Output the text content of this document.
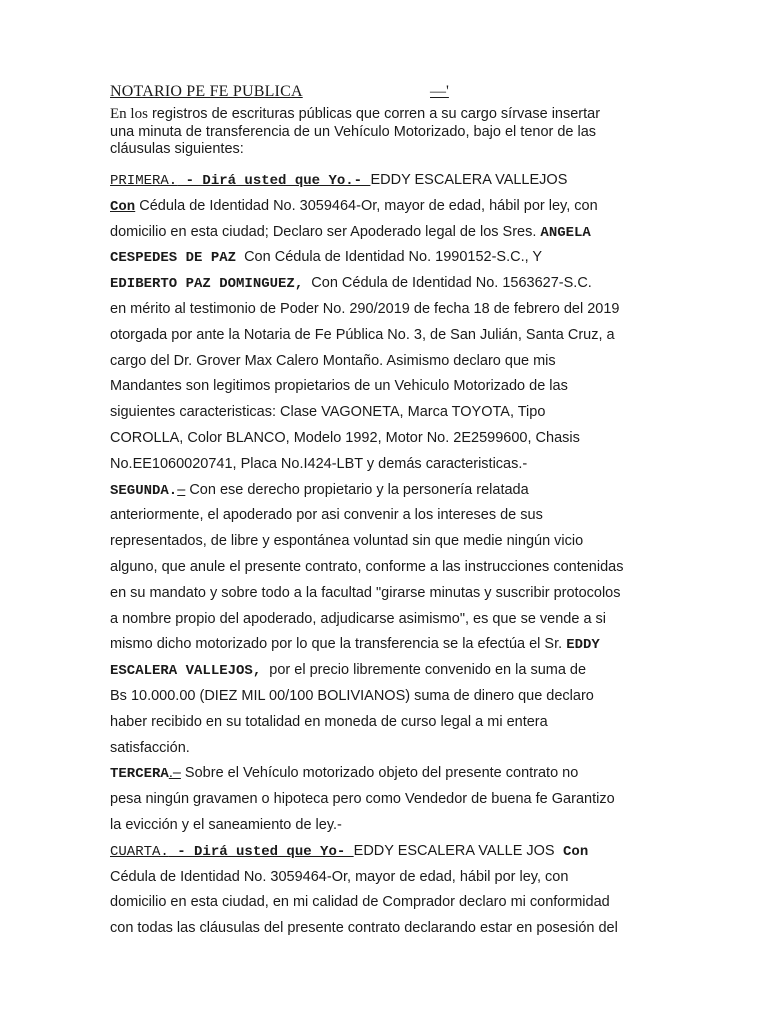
NOTARIO PE FE PUBLICA	—'
En los registros de escrituras públicas que corren a su cargo sírvase insertar
una minuta de transferencia de un Vehículo Motorizado, bajo el tenor de las
cláusulas siguientes:
PRIMERA. - Dirá usted que Yo.- EDDY ESCALERA VALLEJOS
Con Cédula de Identidad No. 3059464-Or, mayor de edad, hábil por ley, con
domicilio en esta ciudad; Declaro ser Apoderado legal de los Sres. ANGELA
CESPEDES DE PAZ  Con Cédula de Identidad No. 1990152-S.C., Y
EDIBERTO PAZ DOMINGUEZ,  Con Cédula de Identidad No. 1563627-S.C.
en mérito al testimonio de Poder No. 290/2019 de fecha 18 de febrero del 2019
otorgada por ante la Notaria de Fe Pública No. 3, de San Julián, Santa Cruz, a
cargo del Dr. Grover Max Calero Montaño. Asimismo declaro que mis
Mandantes son legitimos propietarios de un Vehiculo Motorizado de las
siguientes caracteristicas: Clase VAGONETA, Marca TOYOTA, Tipo
COROLLA, Color BLANCO, Modelo 1992, Motor No. 2E2599600, Chasis
No.EE1060020741, Placa No.I424-LBT y demás caracteristicas.-
SEGUNDA.– Con ese derecho propietario y la personería relatada
anteriormente, el apoderado por asi convenir a los intereses de sus
representados, de libre y espontánea voluntad sin que medie ningún vicio
alguno, que anule el presente contrato, conforme a las instrucciones contenidas
en su mandato y sobre todo a la facultad "girarse minutas y suscribir protocolos
a nombre propio del apoderado, adjudicarse asimismo", es que se vende a si
mismo dicho motorizado por lo que la transferencia se la efectúa el Sr. EDDY
ESCALERA VALLEJOS,  por el precio libremente convenido en la suma de
Bs 10.000.00 (DIEZ MIL 00/100 BOLIVIANOS) suma de dinero que declaro
haber recibido en su totalidad en moneda de curso legal a mi entera
satisfacción.
TERCERA.– Sobre el Vehículo motorizado objeto del presente contrato no
pesa ningún gravamen o hipoteca pero como Vendedor de buena fe Garantizo
la evicción y el saneamiento de ley.-
CUARTA. - Dirá usted que Yo- EDDY ESCALERA VALLE JOS Con
Cédula de Identidad No. 3059464-Or, mayor de edad, hábil por ley, con
domicilio en esta ciudad, en mi calidad de Comprador declaro mi conformidad
con todas las cláusulas del presente contrato declarando estar en posesión del
